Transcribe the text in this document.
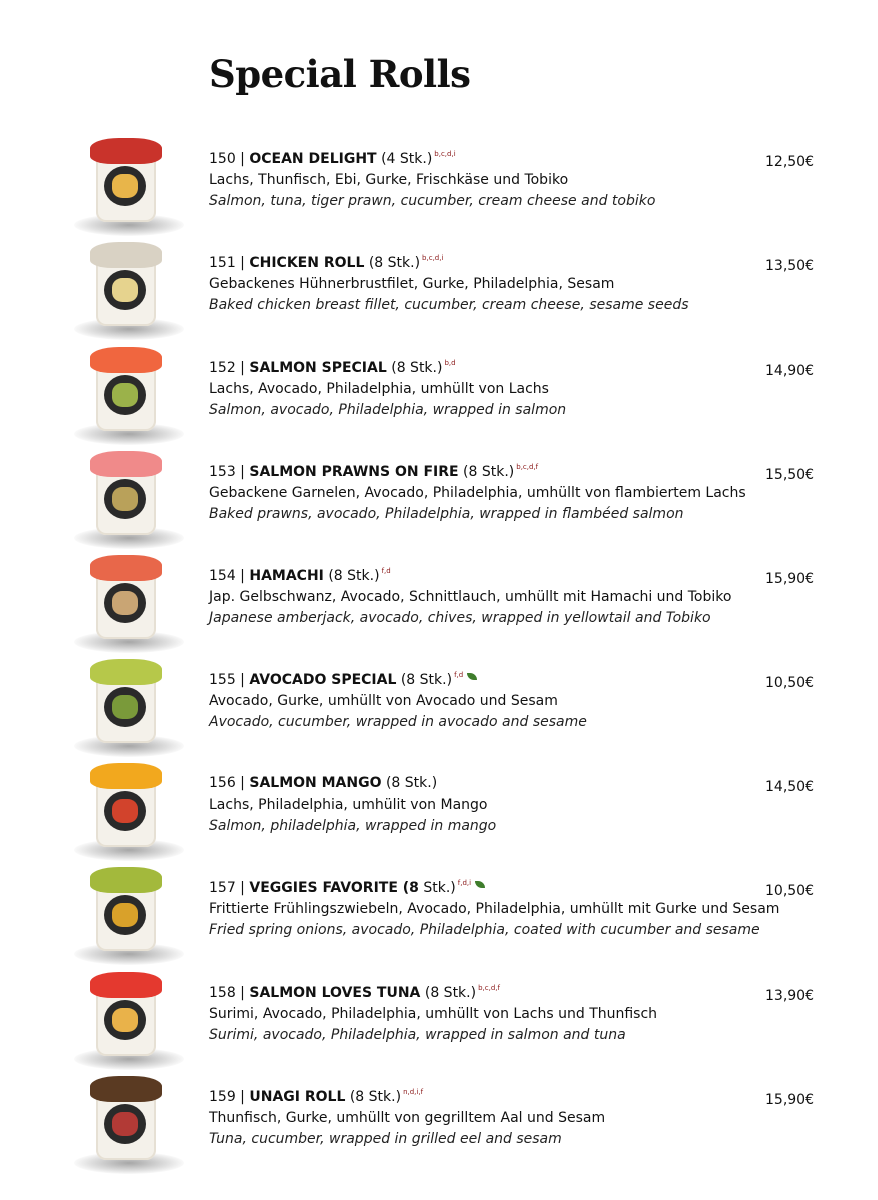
Special Rolls
150 | OCEAN DELIGHT (4 Stk.) $^{b,c,d,i}$
Lachs, Thunfisch, Ebi, Gurke, Frischkäse und Tobiko
Salmon, tuna, tiger prawn, cucumber, cream cheese and tobiko
12,50€
151 | CHICKEN ROLL (8 Stk.) $^{b,c,d,i}$
Gebackenes Hühnerbrustfilet, Gurke, Philadelphia, Sesam
Baked chicken breast fillet, cucumber, cream cheese, sesame seeds
13,50€
152 | SALMON SPECIAL (8 Stk.) $^{b,d}$
Lachs, Avocado, Philadelphia, umhüllt von Lachs
Salmon, avocado, Philadelphia, wrapped in salmon
14,90€
153 | SALMON PRAWNS ON FIRE (8 Stk.) $^{b,c,d,f}$
Gebackene Garnelen, Avocado, Philadelphia, umhüllt von flambiertem Lachs
Baked prawns, avocado, Philadelphia, wrapped in flambéed salmon
15,50€
154 | HAMACHI (8 Stk.) $^{f,d}$
Jap. Gelbschwanz, Avocado, Schnittlauch, umhüllt mit Hamachi und Tobiko
Japanese amberjack, avocado, chives, wrapped in yellowtail and Tobiko
15,90€
155 | AVOCADO SPECIAL (8 Stk.) $^{f,d}$
Avocado, Gurke, umhüllt von Avocado und Sesam
Avocado, cucumber, wrapped in avocado and sesame
10,50€
156 | SALMON MANGO (8 Stk.)
Lachs, Philadelphia, umhülit von Mango
Salmon, philadelphia, wrapped in mango
14,50€
157 | VEGGIES FAVORITE (8 Stk.) $^{f,d,i}$
Frittierte Frühlingszwiebeln, Avocado, Philadelphia, umhüllt mit Gurke und Sesam
Fried spring onions, avocado, Philadelphia, coated with cucumber and sesame
10,50€
158 | SALMON LOVES TUNA (8 Stk.) $^{b,c,d,f}$
Surimi, Avocado, Philadelphia, umhüllt von Lachs und Thunfisch
Surimi, avocado, Philadelphia, wrapped in salmon and tuna
13,90€
159 | UNAGI ROLL (8 Stk.) $^{n,d,i,f}$
Thunfisch, Gurke, umhüllt von gegrilltem Aal und Sesam
Tuna, cucumber, wrapped in grilled eel and sesam
15,90€
